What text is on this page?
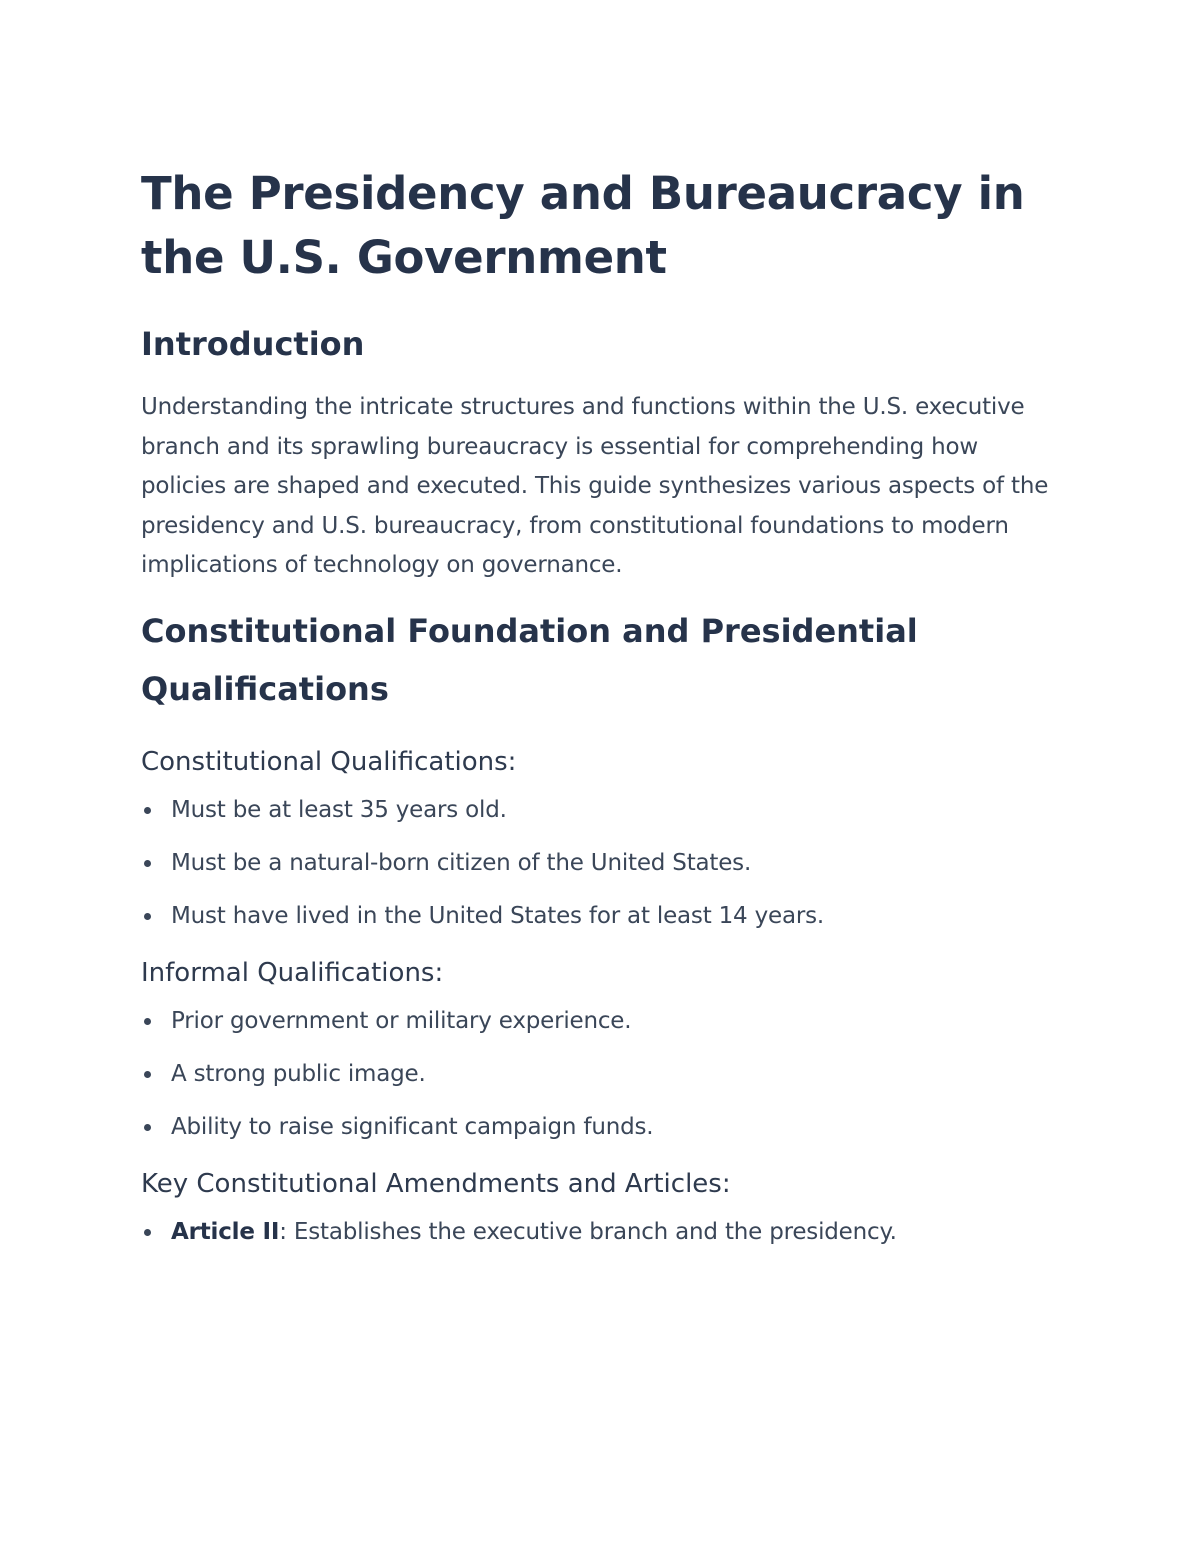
The Presidency and Bureaucracy in the U.S. Government
Introduction

Understanding the intricate structures and functions within the U.S. executive branch and its sprawling bureaucracy is essential for comprehending how policies are shaped and executed. This guide synthesizes various aspects of the presidency and U.S. bureaucracy, from constitutional foundations to modern implications of technology on governance.

Constitutional Foundation and Presidential Qualifications
Constitutional Qualifications:
Must be at least 35 years old.
Must be a natural-born citizen of the United States.
Must have lived in the United States for at least 14 years.
Informal Qualifications:
Prior government or military experience.
A strong public image.
Ability to raise significant campaign funds.
Key Constitutional Amendments and Articles:
Article II: Establishes the executive branch and the presidency.
